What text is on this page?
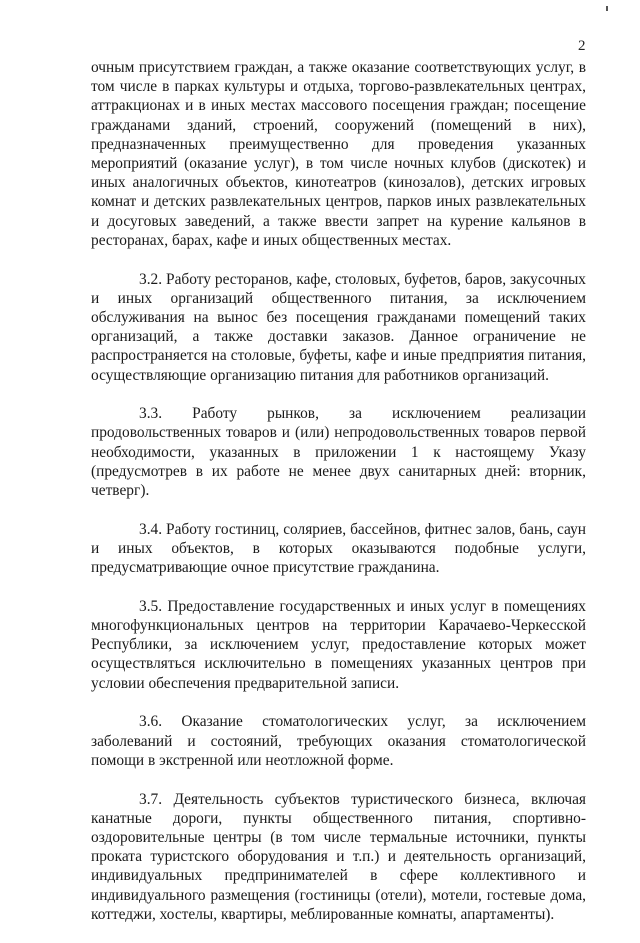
2

очным присутствием граждан, а также оказание соответствующих услуг, в том числе в парках культуры и отдыха, торгово-развлекательных центрах, аттракционах и в иных местах массового посещения граждан; посещение гражданами зданий, строений, сооружений (помещений в них), предназначенных преимущественно для проведения указанных мероприятий (оказание услуг), в том числе ночных клубов (дискотек) и иных аналогичных объектов, кинотеатров (кинозалов), детских игровых комнат и детских развлекательных центров, парков иных развлекательных и досуговых заведений, а также ввести запрет на курение кальянов в ресторанах, барах, кафе и иных общественных местах.

3.2. Работу ресторанов, кафе, столовых, буфетов, баров, закусочных и иных организаций общественного питания, за исключением обслуживания на вынос без посещения гражданами помещений таких организаций, а также доставки заказов. Данное ограничение не распространяется на столовые, буфеты, кафе и иные предприятия питания, осуществляющие организацию питания для работников организаций.

3.3. Работу рынков, за исключением реализации продовольственных товаров и (или) непродовольственных товаров первой необходимости, указанных в приложении 1 к настоящему Указу (предусмотрев в их работе не менее двух санитарных дней: вторник, четверг).

3.4. Работу гостиниц, соляриев, бассейнов, фитнес залов, бань, саун и иных объектов, в которых оказываются подобные услуги, предусматривающие очное присутствие гражданина.

3.5. Предоставление государственных и иных услуг в помещениях многофункциональных центров на территории Карачаево-Черкесской Республики, за исключением услуг, предоставление которых может осуществляться исключительно в помещениях указанных центров при условии обеспечения предварительной записи.

3.6. Оказание стоматологических услуг, за исключением заболеваний и состояний, требующих оказания стоматологической помощи в экстренной или неотложной форме.

3.7. Деятельность субъектов туристического бизнеса, включая канатные дороги, пункты общественного питания, спортивно-оздоровительные центры (в том числе термальные источники, пункты проката туристского оборудования и т.п.) и деятельность организаций, индивидуальных предпринимателей в сфере коллективного и индивидуального размещения (гостиницы (отели), мотели, гостевые дома, коттеджи, хостелы, квартиры, меблированные комнаты, апартаменты).
